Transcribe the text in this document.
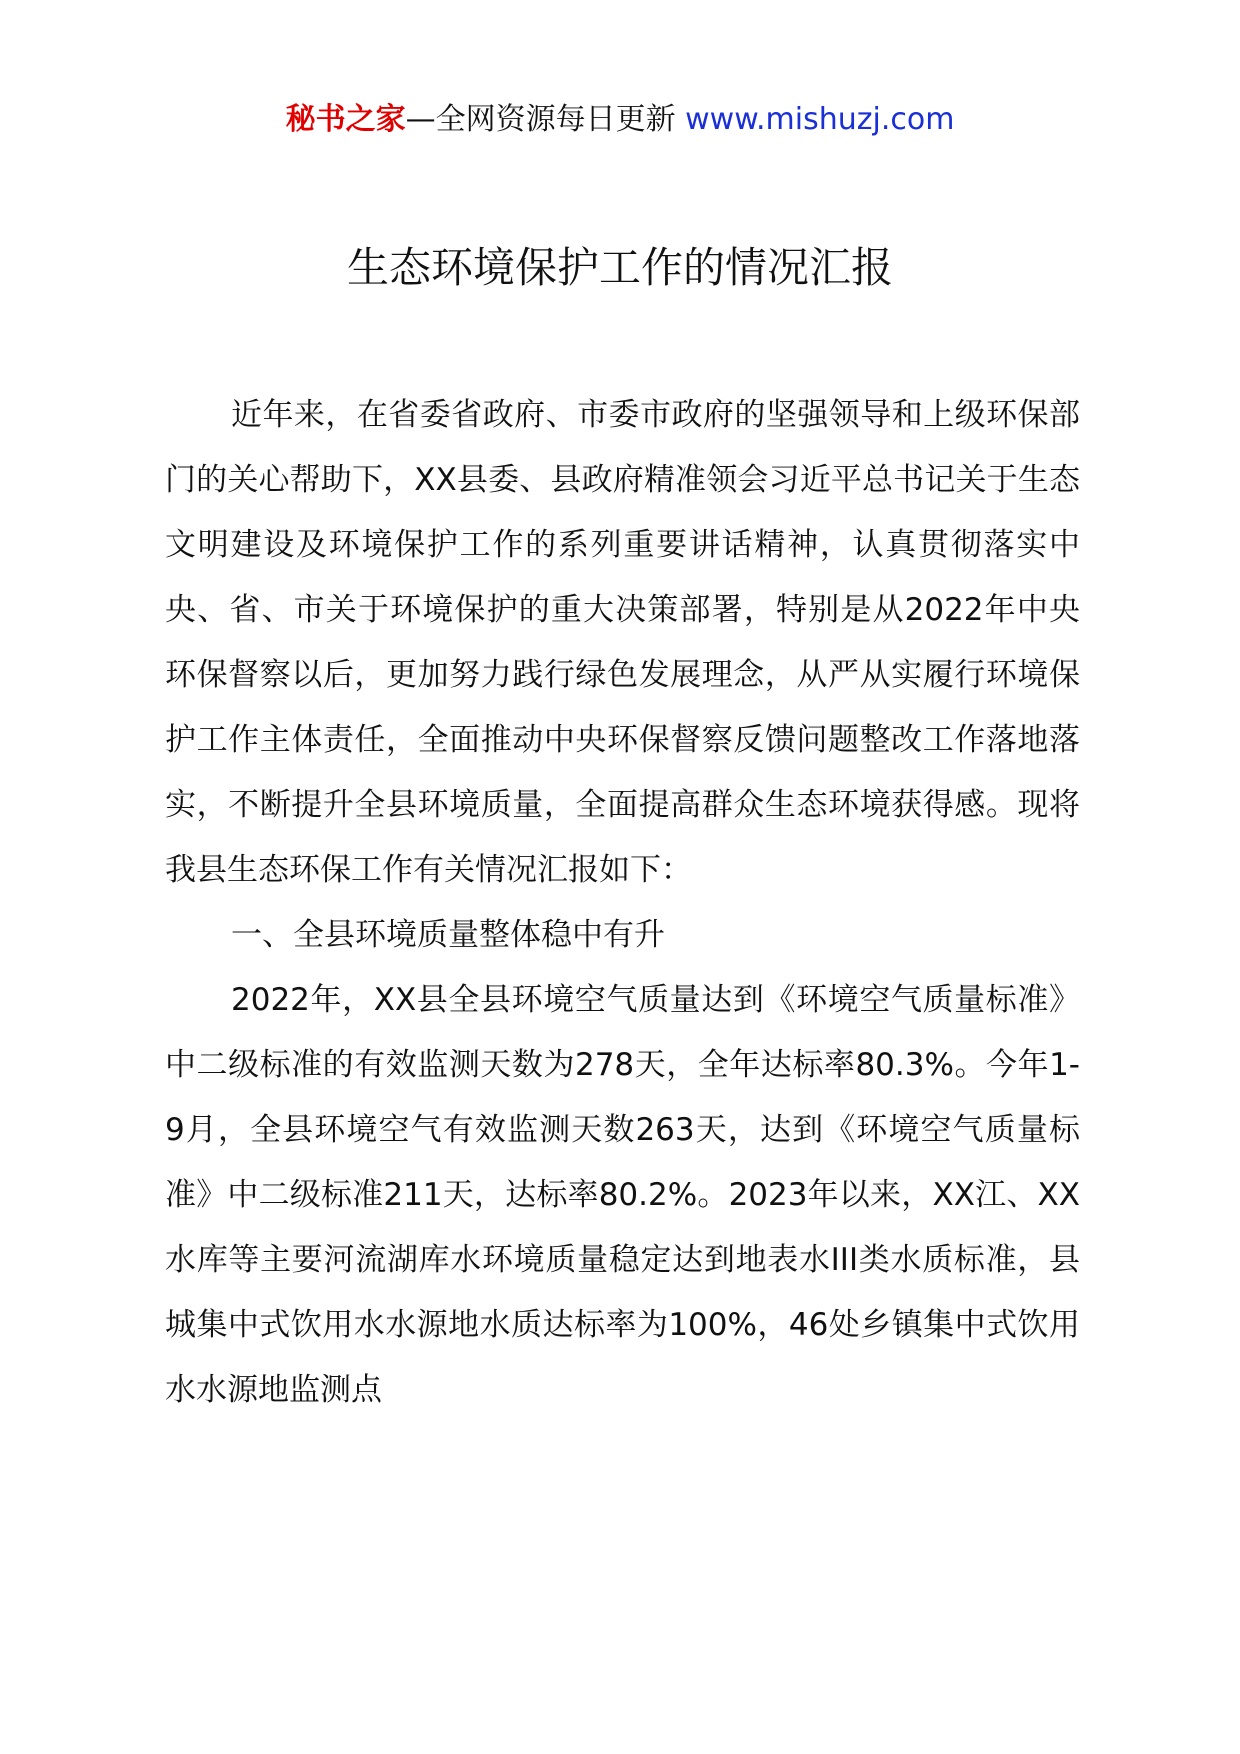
秘书之家—全网资源每日更新 www.mishuzj.com
生态环境保护工作的情况汇报

近年来，在省委省政府、市委市政府的坚强领导和上级环保部门的关心帮助下，XX县委、县政府精准领会习近平总书记关于生态文明建设及环境保护工作的系列重要讲话精神，认真贯彻落实中央、省、市关于环境保护的重大决策部署，特别是从2022年中央环保督察以后，更加努力践行绿色发展理念，从严从实履行环境保护工作主体责任，全面推动中央环保督察反馈问题整改工作落地落实，不断提升全县环境质量，全面提高群众生态环境获得感。现将我县生态环保工作有关情况汇报如下：

一、全县环境质量整体稳中有升

2022年，XX县全县环境空气质量达到《环境空气质量标准》中二级标准的有效监测天数为278天，全年达标率80.3%。今年1-9月，全县环境空气有效监测天数263天，达到《环境空气质量标准》中二级标准211天，达标率80.2%。2023年以来，XX江、XX水库等主要河流湖库水环境质量稳定达到地表水III类水质标准，县城集中式饮用水水源地水质达标率为100%，46处乡镇集中式饮用水水源地监测点
